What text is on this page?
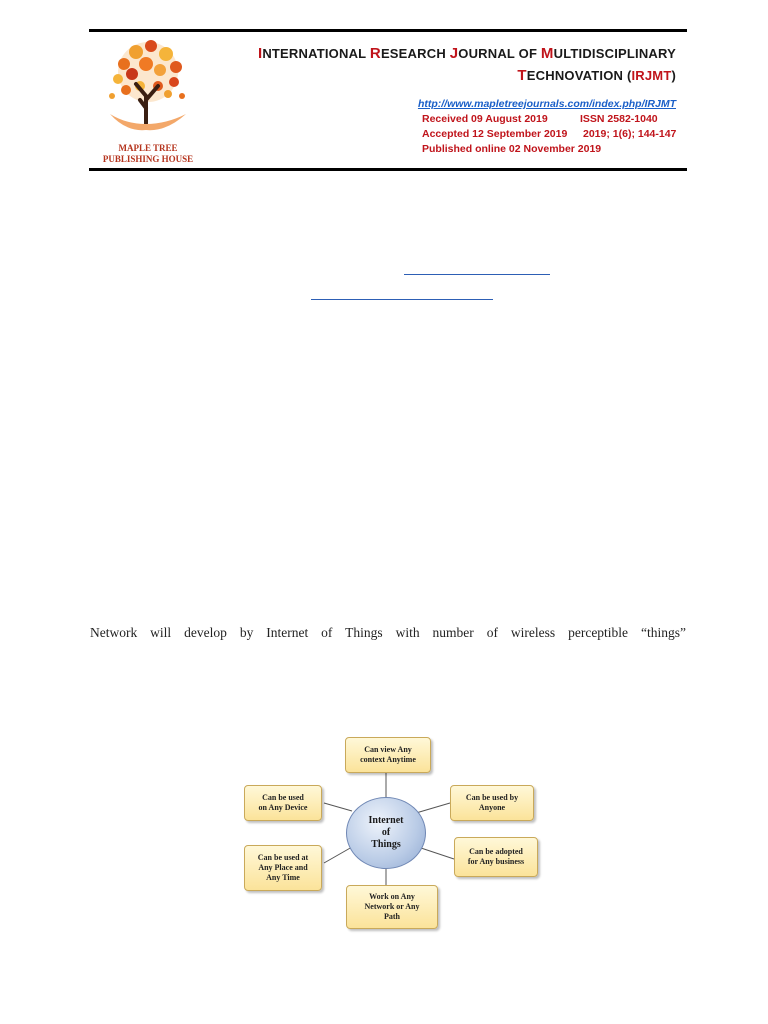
MAPLE TREE
PUBLISHING HOUSE
INTERNATIONAL RESEARCH JOURNAL OF MULTIDISCIPLINARY
TECHNOVATION (IRJMT)
http://www.mapletreejournals.com/index.php/IRJMT
Received 09 August 2019	ISSN 2582-1040
Accepted 12 September 2019 2019; 1(6); 144-147
Published online 02 November 2019
Network will develop by Internet of Things with number of wireless perceptible “things”
Internet
of
Things
Can view Any
context Anytime
Can be used
on Any Device
Can be used by
Anyone
Can be used at
Any Place and
Any Time
Can be adopted
for Any business
Work on Any
Network or Any
Path
